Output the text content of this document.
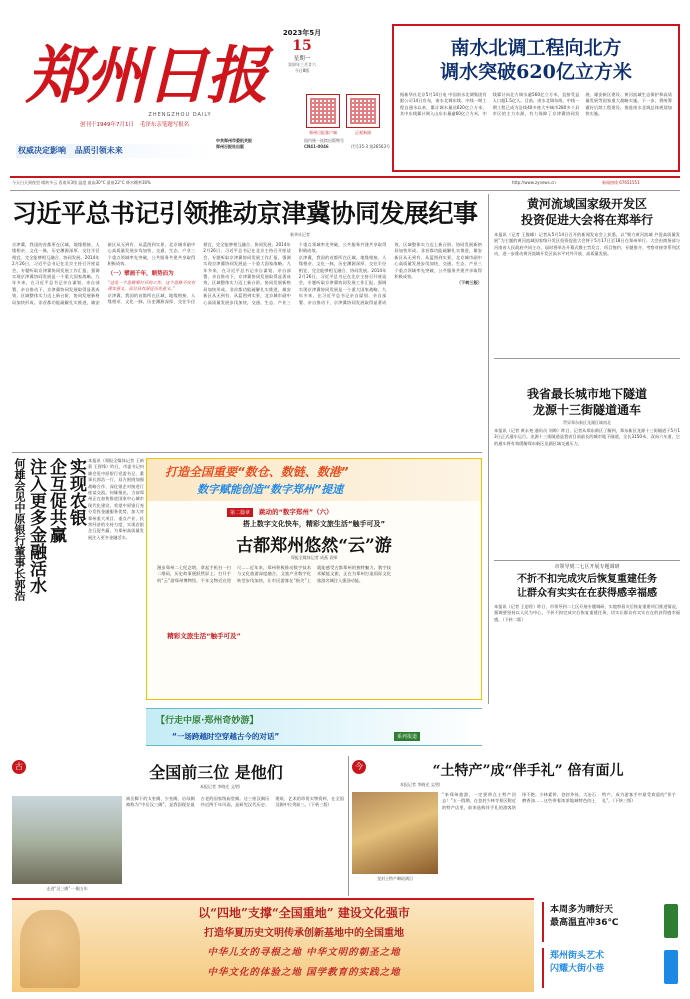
郑州日报
ZHENGZHOU DAILY
创刊于1949年7月1日 毛泽东亲笔题写报名
2023年5月
15
星期一
癸卯年三月廿六
今日8版
郑州日报客户端	正观新闻
中共郑州市委机关报
郑州日报社出版
国内统一连续出版物号
CN41-0046	代号35-3 第26563号
权威决定影响 品质引领未来
南水北调工程向北方
调水突破620亿立方米
据新华社北京5月14日电 中国南水北调集团有限公司14日宣布，南水北调东线、中线一期工程自通水以来，累计调水量达620亿立方米，其中东线累计调入山东水量逾60亿立方米，中线累计向北方调水逾560亿立方米，直接受益人口超1.5亿人。目前，南水北调东线、中线一期工程已成为沿线40多座大中城市280多个县市区的主力水源，有力保障了京津冀协同发展、雄安新区建设、黄河流域生态保护和高质量发展等国家重大战略实施。下一步，将统筹做好后续工程建设，推进南水北调总体规划加快实施。
今天白天到夜里 晴转多云 西南风3级 温度 最高30°C 最低22°C 降水概率30%	http://www.zynews.cn	新闻热线 67651551
习近平总书记引领推动京津冀协同发展纪事
新华社记者
京津冀，我国的首都所在区域，地缘相接、人缘相亲、文化一脉，历史渊源深厚、交往半径相宜，完全能够相互融合、协同发展。2014年2月26日，习近平总书记在北京主持召开座谈会，专题听取京津冀协同发展工作汇报，强调实现京津冀协同发展是一个重大国家战略。九年多来，在习近平总书记亲自谋划、亲自部署、亲自推动下，京津冀协同发展取得显著成效，区域整体实力迈上新台阶，协同发展新格局加快形成。非首都功能疏解扎实推进，雄安新区从无到有、从蓝图到实景，北京城市副中心高质量发展步伐加快，交通、生态、产业三个重点领域率先突破，公共服务共建共享取得积极成效。
（一）擘画千年，顺势而为
“这是一个思路要打开的工作，这个思路不仅有现实意义，而且具有深远历史意义。”
京津冀，我国的首都所在区域，地缘相接、人缘相亲、文化一脉，历史渊源深厚、交往半径相宜，完全能够相互融合、协同发展。2014年2月26日，习近平总书记在北京主持召开座谈会，专题听取京津冀协同发展工作汇报，强调实现京津冀协同发展是一个重大国家战略。九年多来，在习近平总书记亲自谋划、亲自部署、亲自推动下，京津冀协同发展取得显著成效，区域整体实力迈上新台阶，协同发展新格局加快形成。非首都功能疏解扎实推进，雄安新区从无到有、从蓝图到实景，北京城市副中心高质量发展步伐加快，交通、生态、产业三个重点领域率先突破，公共服务共建共享取得积极成效。
京津冀，我国的首都所在区域，地缘相接、人缘相亲、文化一脉，历史渊源深厚、交往半径相宜，完全能够相互融合、协同发展。2014年2月26日，习近平总书记在北京主持召开座谈会，专题听取京津冀协同发展工作汇报，强调实现京津冀协同发展是一个重大国家战略。九年多来，在习近平总书记亲自谋划、亲自部署、亲自推动下，京津冀协同发展取得显著成效，区域整体实力迈上新台阶，协同发展新格局加快形成。非首都功能疏解扎实推进，雄安新区从无到有、从蓝图到实景，北京城市副中心高质量发展步伐加快，交通、生态、产业三个重点领域率先突破，公共服务共建共享取得积极成效。
（下转三版）
黄河流域国家级开发区
投资促进大会将在郑举行
本报讯（记者 王俊峰）记者从5月14日召开的新闻发布会上获悉，以“聚力黄河流域 共促高质量发展”为主题的黄河流域国家级开发区投资促进大会将于5月17日至18日在郑州举行。大会由商务部与河南省人民政府共同主办，届时将举办开幕式暨主旨发言、项目签约、专题推介、考察对接等系列活动，进一步推动黄河流域开发区高水平对外开放、高质量发展。
我省最长城市地下隧道
龙源十三街隧道通车
贯穿郑东新区龙湖区域南北
本报讯（记者 黄永尧 通讯员 刘帅）昨日，记者从郑东新区了解到，郑东新区龙源十三街隧道于5月13日正式通车运行。龙源十三街隧道是我省目前最长的城市地下隧道，全长3150米，双向六车道，它的通车将有效缓解郑东新区龙湖区域交通压力。
市领导到二七区开展专题调研
不折不扣完成灾后恢复重建任务
让群众有实实在在获得感幸福感
本报讯（记者 王思俭）昨日，市领导到二七区开展专题调研，实地察看灾后恢复重建项目推进情况，强调要坚持以人民为中心，不折不扣完成灾后恢复重建任务，切实让群众有实实在在的获得感幸福感。（下转二版）
何雄会见中原银行董事长郭浩	实现农银
企互促共赢
注入更多金融活水	本报讯（郑报全媒体记者 王新菊 王智锋）昨日，市委书记何雄会见中原银行党委书记、董事长郭浩一行，双方围绕加强战略合作、深化银企对接进行座谈交流。何雄指出，当前郑州正在加快推进国家中心城市现代化建设，希望中原银行充分发挥金融服务优势，加大对郑州重大项目、重点产业、民营经济的支持力度，实现农银企互促共赢，为郑州高质量发展注入更多金融活水。
打造全国重要“数仓、数链、数港”
数字赋能创造“数字郑州”提速
第二篇章 跳动的“数字郑州”（六）
搭上数字文化快车，精彩文旅生活“触手可及”
古都郑州悠然“云”游
郑报全媒体记者 成燕 袁帅
精彩文旅生活“触手可及”
漫步郑州二七纪念塔，拿起手机扫一扫二维码，历史故事便跃然屏上；打开手机“云”游郑州博物馆，千年文物近在咫尺……近年来，郑州积极推动数字技术与文化旅游深度融合，文旅产业数字化转型步伐加快，让市民游客在“指尖”上就能感受古都郑州的独特魅力。数字技术赋能文旅，正在为郑州打造国际文化旅游名城注入强劲动能。
【行走中原·郑州奇妙游】
“一场跨越时空穿越古今的对话”	系列报道
古	全国前三位 是他们
本报记者 李晓光 文/图
走进“汉三阙”·一眼万年
嵩岳脚下的太室阙、少室阙、启母阙被称为“中岳汉三阙”，是我国现存最古老的国家级庙堂阙。这三座汉阙历经近两千年风雨，是研究汉代历史、建筑、艺术的珍贵实物资料，在全国汉阙中位列前三。（下转三版）
今	“土特产”成“伴手礼” 倍有面儿
本报记者 李晓光 文/图
登封土特产琳琅满目
“来郑州旅游，一定要带点土特产回去！”五一假期，在登封少林寺景区附近的特产店里，前来选购伴手礼的游客络绎不绝。少林素饼、登封芥丝、大冶石磨香油……这些带着浓浓地域特色的土特产，成为游客手中最受欢迎的“伴手礼”。（下转三版）
以“四地”支撑“全国重地” 建设文化强市
打造华夏历史文明传承创新基地中的全国重地
中华儿女的寻根之地 中华文明的朝圣之地
中华文化的体验之地 国学教育的实践之地
本周多为晴好天
最高温直冲36℃
郑州街头艺术
闪耀大街小巷
